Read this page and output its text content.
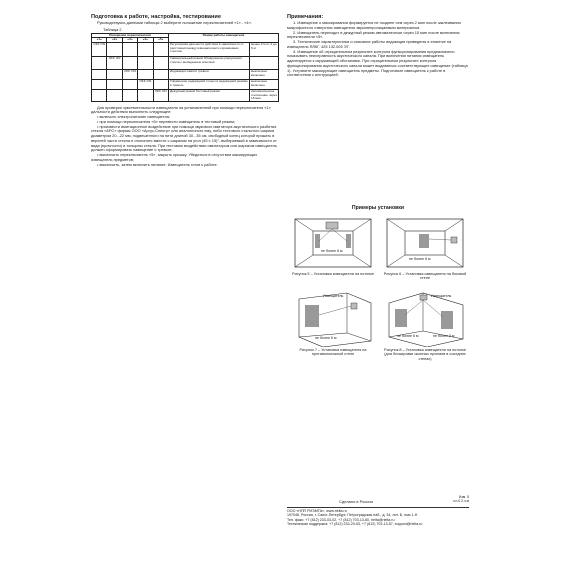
Подготовка к работе, настройка, тестирование

Руководствуясь данными таблицы 2 выберите положение переключателей «1» - «4».

Таблица 2

Положение переключателя					Режим работы извещателя	
«1»	«2»	«3»	«4»	«5»		
OFF ON					Регулировка дальности действия в зависимости от расстояния между извещателем и охраняемым стеклом	менее 2 м от 2 до 6 м
	OFF ON				Универсальный режим Обнаружение разрушения стекла с выпадением осколков	
		OFF ON			Индикация памяти тревоги	выключено включено
			OFF ON		Управление индикацией только в индикацией режиме в тревоге	выключено включено
				OFF ON	Дежурный режим Тестовый режим	Автоматическое отключение через 15 мин

Для проверки чувствительности извещателя на установленной при помощи переключателя «1» дальности действия выполнить следующее:

• включить электропитание извещателя;

• при помощи переключателя «5» перевести извещатель в тестовый режим;

• произвести имитационное воздействие при помощи звукового имитатора акустического разбития стекла «АРС» фирмы ООО «Аргус-Спектр» или аналогичного ему, либо тестового стального шарика диаметром 20...22 мм, подвешенного на нити длиной 30...35 см, свободный конец которой прижать в верхней части стекла и отклонить вместе с шариком на угол (45 ± 15)°, выбираемый в зависимости от вида (прочности) и толщины стекла. При тестовом воздействии имитатором или шариком извещатель должен сформировать извещение о тревоге;

• выключить переключатель «5», закрыть крышку. Убедиться в отсутствии маскирующих извещатель предметов;

• выключить, затем включить питание. Извещатель готов к работе.

Примечания:

1. Извещение о маскировании формируется не позднее чем через 2 мин после заклеивания микрофонного отверстия извещателя звуконепроницаемым материалом.

2. Извещатель переходит в дежурный режим автоматически через 15 мин после включения переключателя «5».

3. Технические характеристики и описание работы индикации приведены в этикетке на извещатель ЯЛКГ. 425 132.005 ЭТ.

4. Извещение об отрицательном результате контроля функционирования предназначено показывать неисправность акустического канала. При включении питания извещатель адаптируется к окружающей обстановке. При отрицательном результате контроля функционирования акустического канала может выдаваться соответствующее извещение (таблица 1). Устраните маскирующие извещатель предметы. Подготовьте извещатель к работе в соответствии с инструкцией.

Примеры установки
не более 6 м
Рисунок 5 – Установка извещателя на потолке
не более 6 м
Рисунок 6 – Установка извещателя на боковой стене
Извещатель
не более 6 м
Рисунок 7 – Установка извещателя на противоположной стене
Извещатель
не более 6 м	не более 6 м
Рисунок 8 – Установка извещателя на потолке (для блокировки оконных проемов в соседних стенах)
Сделано в России
Изм. 5
ч.н.0.2.ч.м
ООО «НПП РИЭМТА», www.rielta.ru
197046, Россия, г. Санкт-Петербург, Петроградская наб., д. 34, лит. Б, пом 1-Н
Тел. факс: +7 (812) 233-03-02, +7 (812) 703-13-60, rielta@rielta.ru
Техническая поддержка: +7 (812) 233-29-53, +7 (812) 703-13-57, support@rielta.ru
